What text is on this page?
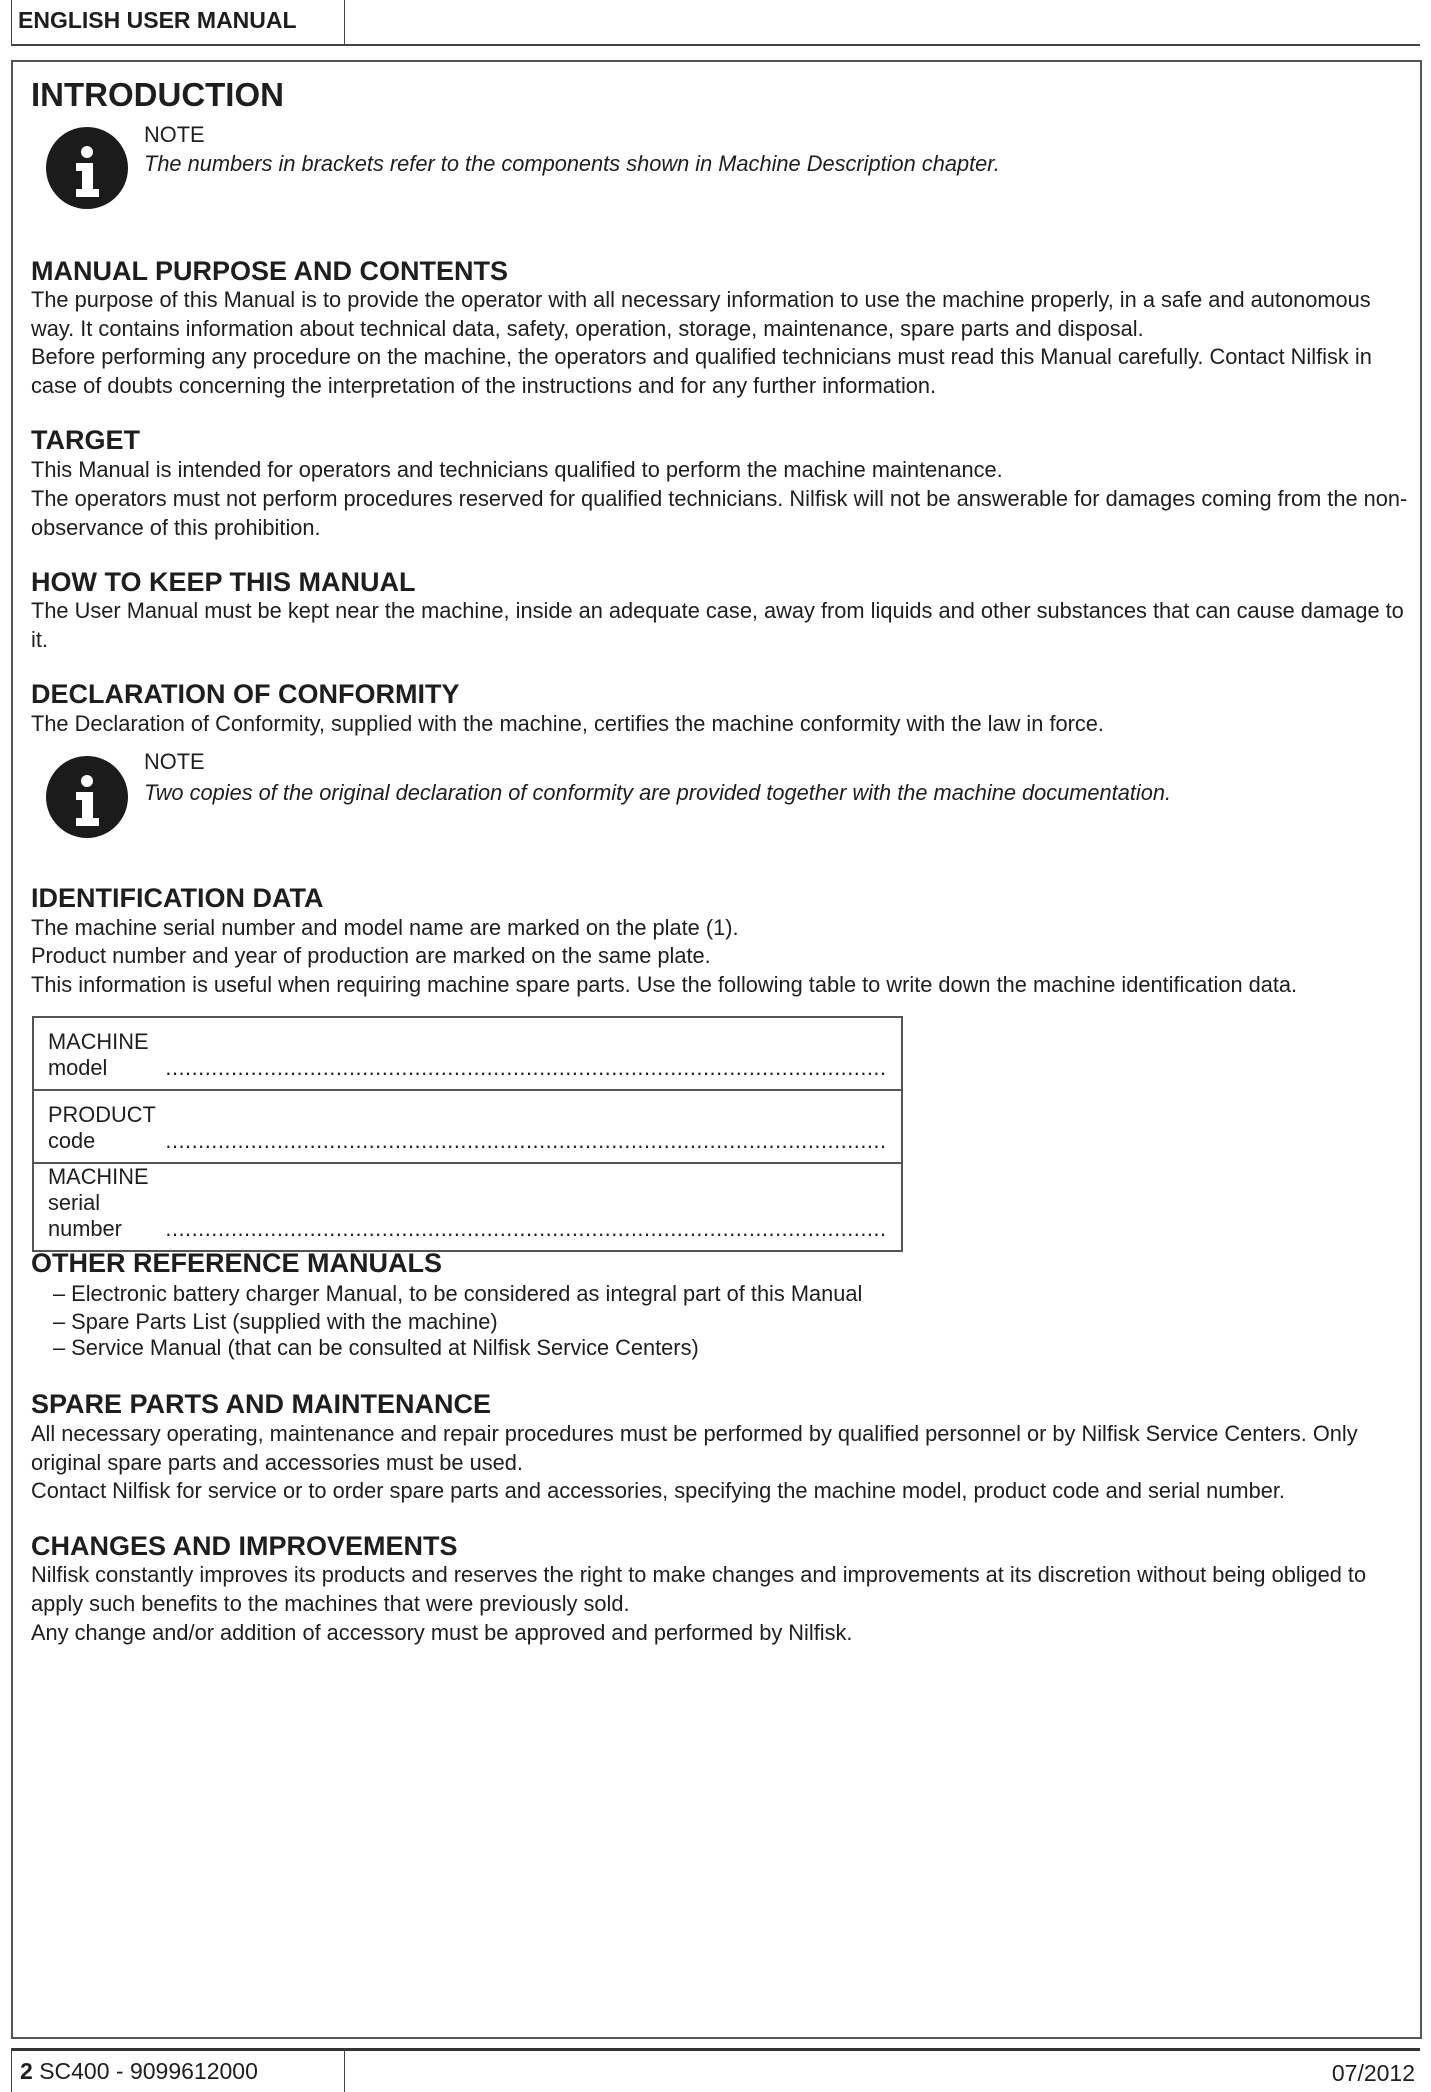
ENGLISH USER MANUAL
INTRODUCTION
NOTE
The numbers in brackets refer to the components shown in Machine Description chapter.
MANUAL PURPOSE AND CONTENTS

The purpose of this Manual is to provide the operator with all necessary information to use the machine properly, in a safe and autonomous way. It contains information about technical data, safety, operation, storage, maintenance, spare parts and disposal.

Before performing any procedure on the machine, the operators and qualified technicians must read this Manual carefully. Contact Nilfisk in case of doubts concerning the interpretation of the instructions and for any further information.

TARGET

This Manual is intended for operators and technicians qualified to perform the machine maintenance.

The operators must not perform procedures reserved for qualified technicians. Nilfisk will not be answerable for damages coming from the non-observance of this prohibition.

HOW TO KEEP THIS MANUAL

The User Manual must be kept near the machine, inside an adequate case, away from liquids and other substances that can cause damage to it.

DECLARATION OF CONFORMITY

The Declaration of Conformity, supplied with the machine, certifies the machine conformity with the law in force.

NOTE
Two copies of the original declaration of conformity are provided together with the machine documentation.
IDENTIFICATION DATA

The machine serial number and model name are marked on the plate (1).

Product number and year of production are marked on the same plate.

This information is useful when requiring machine spare parts. Use the following table to write down the machine identification data.

MACHINE model	..............................................................................................................

PRODUCT code	..............................................................................................................

MACHINE serial number	..............................................................................................................
OTHER REFERENCE MANUALS
– Electronic battery charger Manual, to be considered as integral part of this Manual
– Spare Parts List (supplied with the machine)
– Service Manual (that can be consulted at Nilfisk Service Centers)
SPARE PARTS AND MAINTENANCE

All necessary operating, maintenance and repair procedures must be performed by qualified personnel or by Nilfisk Service Centers. Only original spare parts and accessories must be used.

Contact Nilfisk for service or to order spare parts and accessories, specifying the machine model, product code and serial number.

CHANGES AND IMPROVEMENTS

Nilfisk constantly improves its products and reserves the right to make changes and improvements at its discretion without being obliged to apply such benefits to the machines that were previously sold.

Any change and/or addition of accessory must be approved and performed by Nilfisk.

2 SC400 - 9099612000	07/2012
